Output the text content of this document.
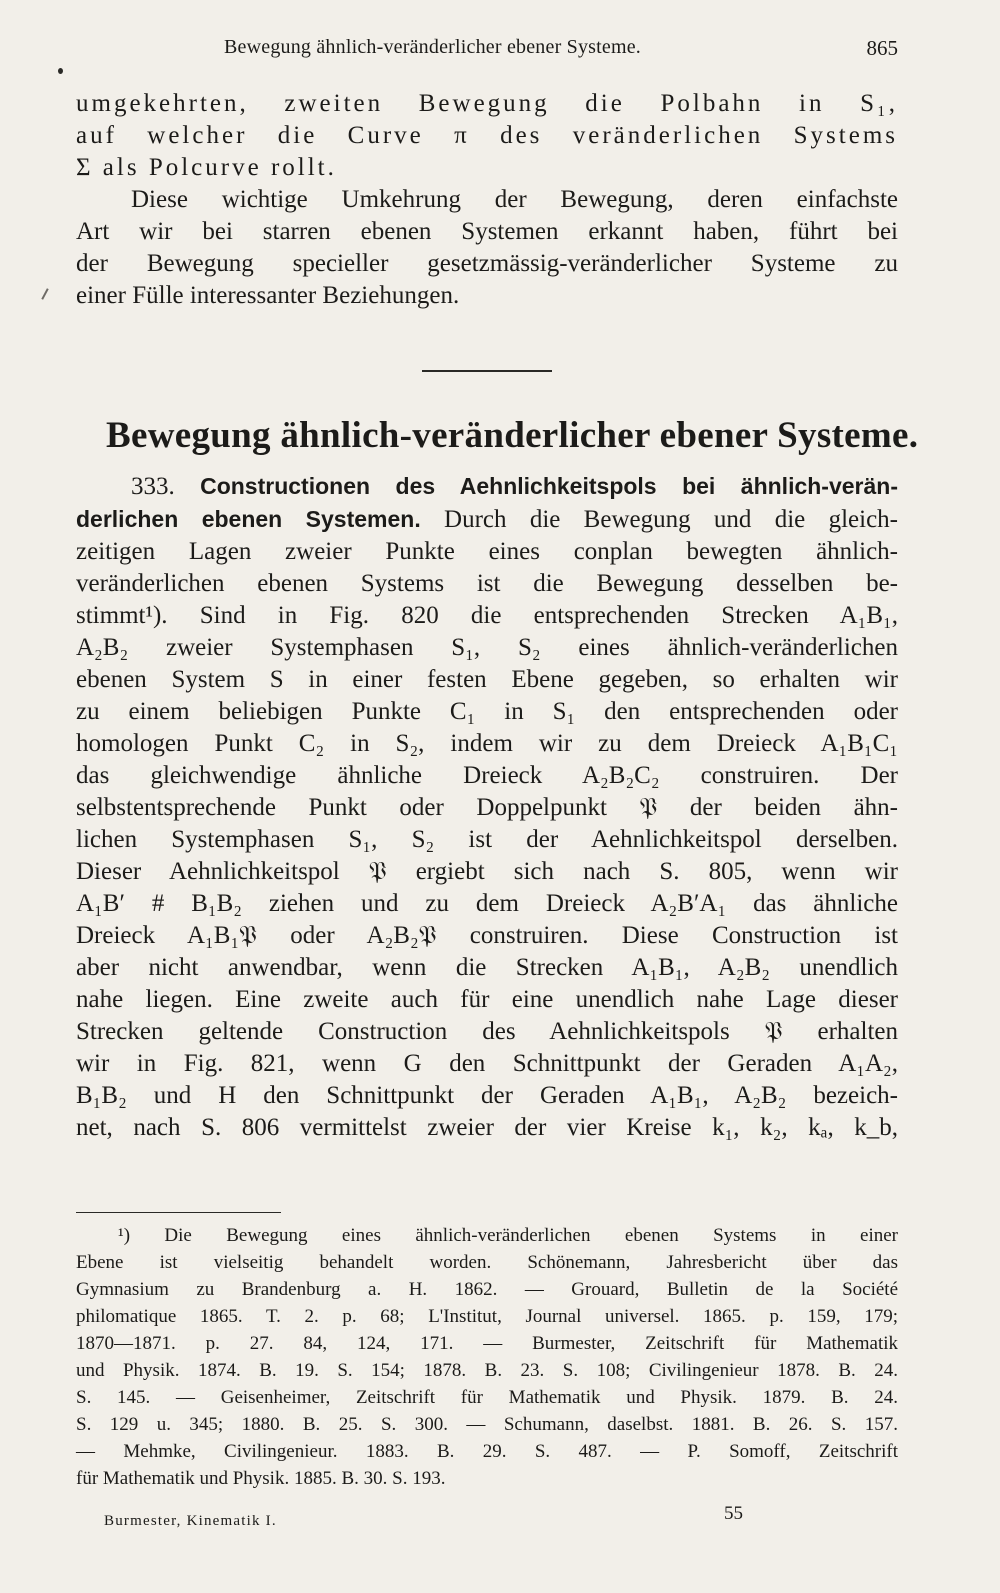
Bewegung ähnlich-veränderlicher ebener Systeme.	865
umgekehrten, zweiten Bewegung die Polbahn in S₁,
auf welcher die Curve π des veränderlichen Systems
Σ als Polcurve rollt.
Diese wichtige Umkehrung der Bewegung, deren einfachste
Art wir bei starren ebenen Systemen erkannt haben, führt bei
der Bewegung specieller gesetzmässig-veränderlicher Systeme zu
einer Fülle interessanter Beziehungen.
Bewegung ähnlich-veränderlicher ebener Systeme.
333. Constructionen des Aehnlichkeitspols bei ähnlich-verän-
derlichen ebenen Systemen. Durch die Bewegung und die gleich-
zeitigen Lagen zweier Punkte eines conplan bewegten ähnlich-
veränderlichen ebenen Systems ist die Bewegung desselben be-
stimmt¹). Sind in Fig. 820 die entsprechenden Strecken A₁B₁,
A₂B₂ zweier Systemphasen S₁, S₂ eines ähnlich-veränderlichen
ebenen System S in einer festen Ebene gegeben, so erhalten wir
zu einem beliebigen Punkte C₁ in S₁ den entsprechenden oder
homologen Punkt C₂ in S₂, indem wir zu dem Dreieck A₁B₁C₁
das gleichwendige ähnliche Dreieck A₂B₂C₂ construiren. Der
selbstentsprechende Punkt oder Doppelpunkt 𝔓 der beiden ähn-
lichen Systemphasen S₁, S₂ ist der Aehnlichkeitspol derselben.
Dieser Aehnlichkeitspol 𝔓 ergiebt sich nach S. 805, wenn wir
A₁B′ # B₁B₂ ziehen und zu dem Dreieck A₂B′A₁ das ähnliche
Dreieck A₁B₁𝔓 oder A₂B₂𝔓 construiren. Diese Construction ist
aber nicht anwendbar, wenn die Strecken A₁B₁, A₂B₂ unendlich
nahe liegen. Eine zweite auch für eine unendlich nahe Lage dieser
Strecken geltende Construction des Aehnlichkeitspols 𝔓 erhalten
wir in Fig. 821, wenn G den Schnittpunkt der Geraden A₁A₂,
B₁B₂ und H den Schnittpunkt der Geraden A₁B₁, A₂B₂ bezeich-
net, nach S. 806 vermittelst zweier der vier Kreise k₁, k₂, kₐ, k_b,
¹) Die Bewegung eines ähnlich-veränderlichen ebenen Systems in einer
Ebene ist vielseitig behandelt worden. Schönemann, Jahresbericht über das
Gymnasium zu Brandenburg a. H. 1862. — Grouard, Bulletin de la Société
philomatique 1865. T. 2. p. 68; L'Institut, Journal universel. 1865. p. 159, 179;
1870—1871. p. 27. 84, 124, 171. — Burmester, Zeitschrift für Mathematik
und Physik. 1874. B. 19. S. 154; 1878. B. 23. S. 108; Civilingenieur 1878. B. 24.
S. 145. — Geisenheimer, Zeitschrift für Mathematik und Physik. 1879. B. 24.
S. 129 u. 345; 1880. B. 25. S. 300. — Schumann, daselbst. 1881. B. 26. S. 157.
— Mehmke, Civilingenieur. 1883. B. 29. S. 487. — P. Somoff, Zeitschrift
für Mathematik und Physik. 1885. B. 30. S. 193.
Burmester, Kinematik I.	55
